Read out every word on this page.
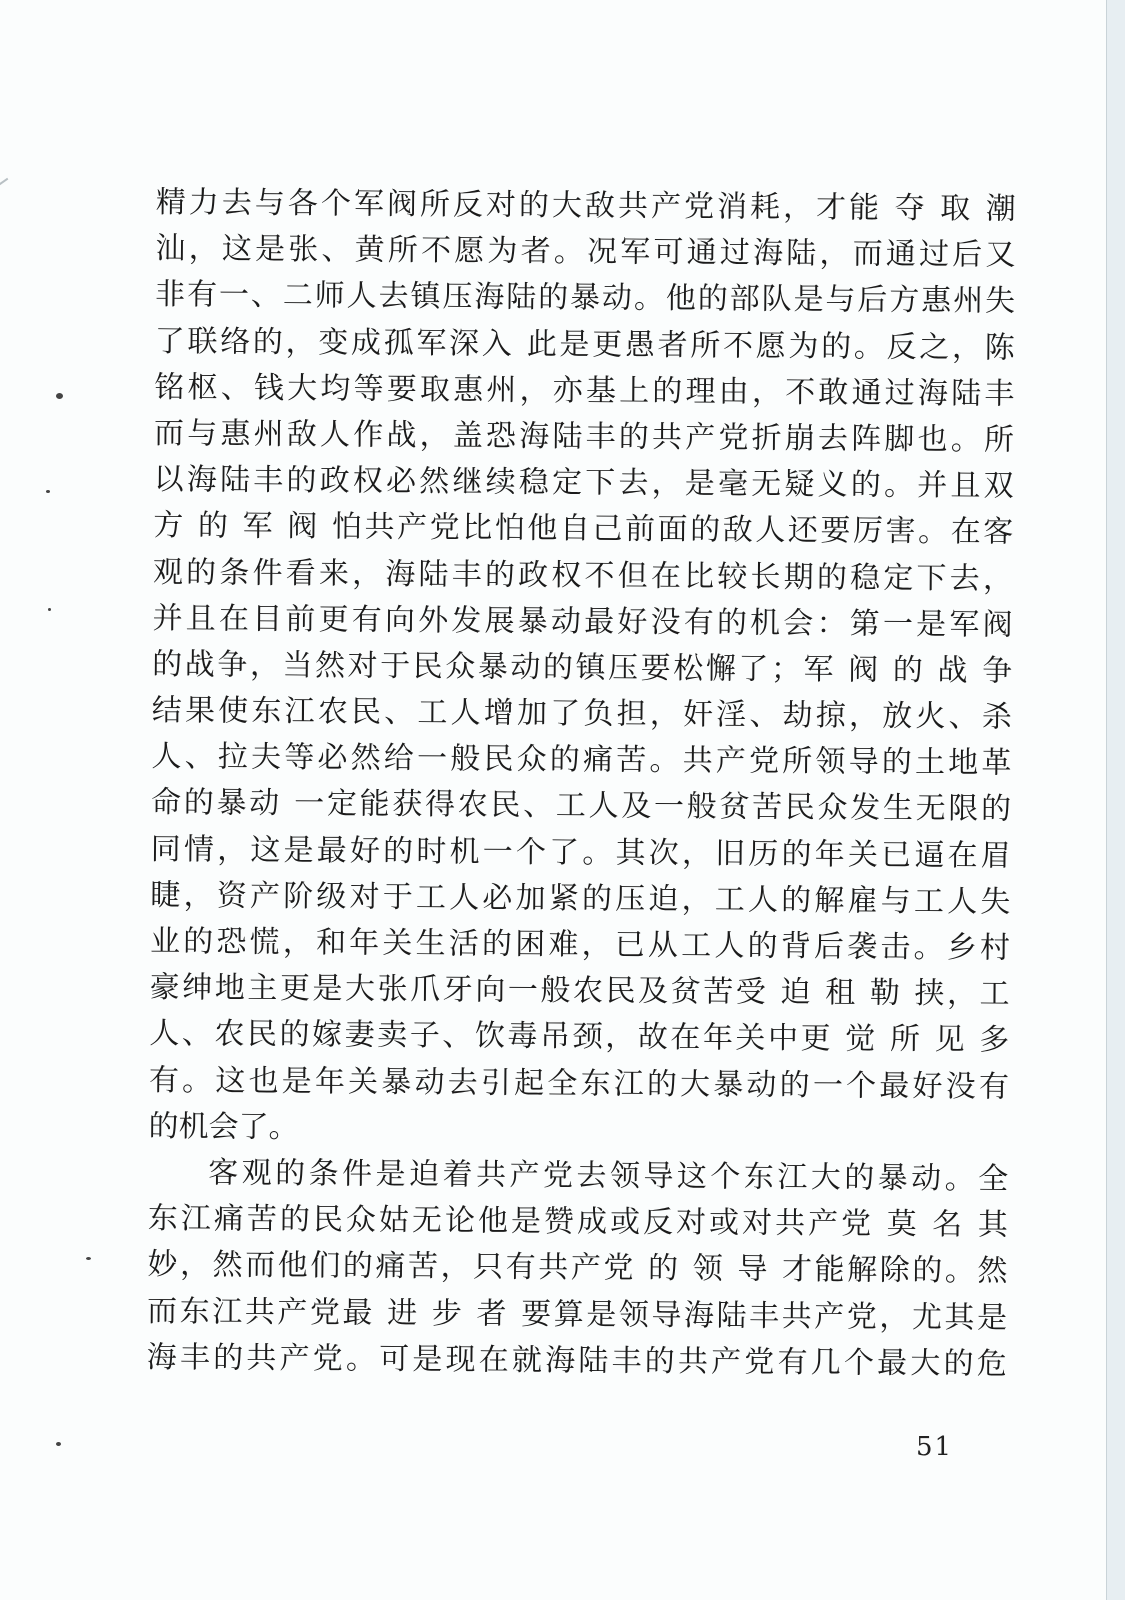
精力去与各个军阀所反对的大敌共产党消耗，才能 夺 取 潮
汕，这是张、黄所不愿为者。况军可通过海陆，而通过后又
非有一、二师人去镇压海陆的暴动。他的部队是与后方惠州失
了联络的，变成孤军深入 此是更愚者所不愿为的。反之，陈
铭枢、钱大均等要取惠州，亦基上的理由，不敢通过海陆丰
而与惠州敌人作战，盖恐海陆丰的共产党折崩去阵脚也。所
以海陆丰的政权必然继续稳定下去，是毫无疑义的。并且双
方 的 军 阀 怕共产党比怕他自己前面的敌人还要厉害。在客
观的条件看来，海陆丰的政权不但在比较长期的稳定下去，
并且在目前更有向外发展暴动最好没有的机会：第一是军阀
的战争，当然对于民众暴动的镇压要松懈了；军 阀 的 战 争
结果使东江农民、工人增加了负担，奸淫、劫掠，放火、杀
人、拉夫等必然给一般民众的痛苦。共产党所领导的土地革
命的暴动 一定能获得农民、工人及一般贫苦民众发生无限的
同情，这是最好的时机一个了。其次，旧历的年关已逼在眉
睫，资产阶级对于工人必加紧的压迫，工人的解雇与工人失
业的恐慌，和年关生活的困难，已从工人的背后袭击。乡村
豪绅地主更是大张爪牙向一般农民及贫苦受 迫 租 勒 挟，工
人、农民的嫁妻卖子、饮毒吊颈，故在年关中更 觉 所 见 多
有。这也是年关暴动去引起全东江的大暴动的一个最好没有
的机会了。
客观的条件是迫着共产党去领导这个东江大的暴动。全
东江痛苦的民众姑无论他是赞成或反对或对共产党 莫 名 其
妙，然而他们的痛苦，只有共产党 的 领 导 才能解除的。然
而东江共产党最 进 步 者 要算是领导海陆丰共产党，尤其是
海丰的共产党。可是现在就海陆丰的共产党有几个最大的危
51
